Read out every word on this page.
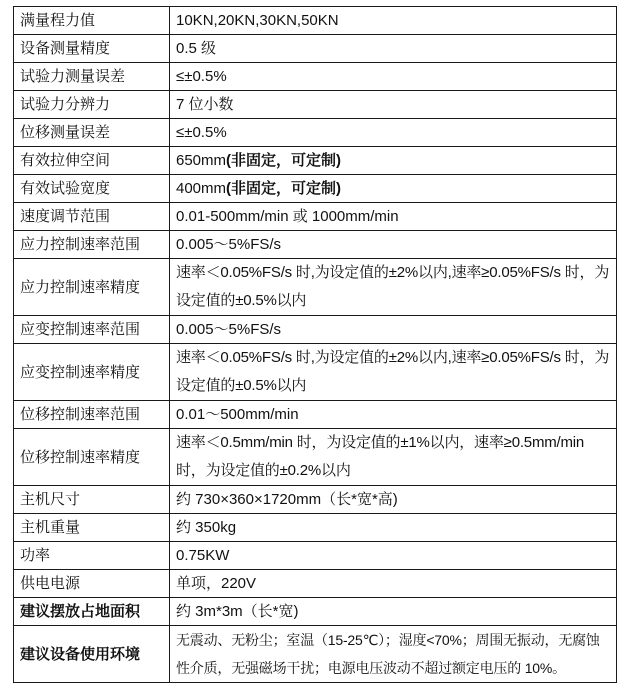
满量程力值	10KN,20KN,30KN,50KN
设备测量精度	0.5 级
试验力测量误差	≤±0.5%
试验力分辨力	7 位小数
位移测量误差	≤±0.5%
有效拉伸空间	650mm(非固定，可定制)
有效试验宽度	400mm(非固定，可定制)
速度调节范围	0.01-500mm/min 或 1000mm/min
应力控制速率范围	0.005～5%FS/s
应力控制速率精度	速率＜0.05%FS/s 时,为设定值的±2%以内,速率≥0.05%FS/s 时，为设定值的±0.5%以内
应变控制速率范围	0.005～5%FS/s
应变控制速率精度	速率＜0.05%FS/s 时,为设定值的±2%以内,速率≥0.05%FS/s 时，为设定值的±0.5%以内
位移控制速率范围	0.01～500mm/min
位移控制速率精度	速率＜0.5mm/min 时，为设定值的±1%以内，速率≥0.5mm/min 时，为设定值的±0.2%以内
主机尺寸	约 730×360×1720mm（长*宽*高)
主机重量	约 350kg
功率	0.75KW
供电电源	单项，220V
建议摆放占地面积	约 3m*3m（长*宽)
建议设备使用环境	无震动、无粉尘；室温（15-25℃）；湿度<70%；周围无振动，无腐蚀性介质，无强磁场干扰；电源电压波动不超过额定电压的 10%。
